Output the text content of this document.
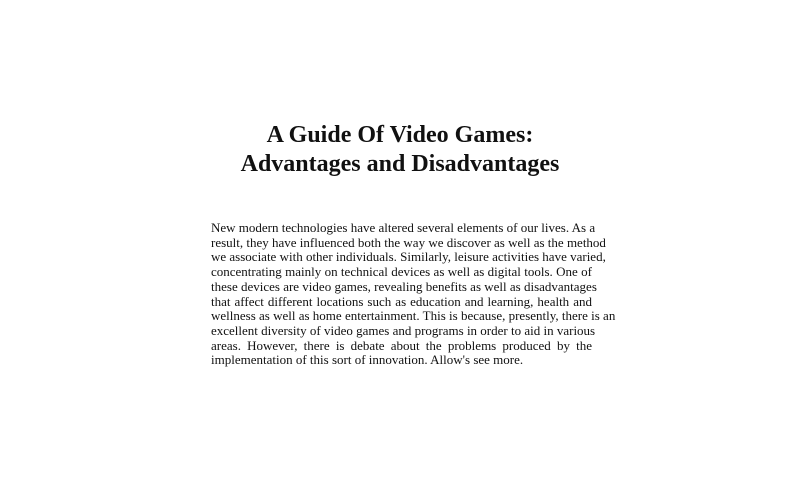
A Guide Of Video Games:
Advantages and Disadvantages
New modern technologies have altered several elements of our lives. As a
result, they have influenced both the way we discover as well as the method
we associate with other individuals. Similarly, leisure activities have varied,
concentrating mainly on technical devices as well as digital tools. One of
these devices are video games, revealing benefits as well as disadvantages
that affect different locations such as education and learning, health and
wellness as well as home entertainment. This is because, presently, there is an
excellent diversity of video games and programs in order to aid in various
areas. However, there is debate about the problems produced by the
implementation of this sort of innovation. Allow's see more.
